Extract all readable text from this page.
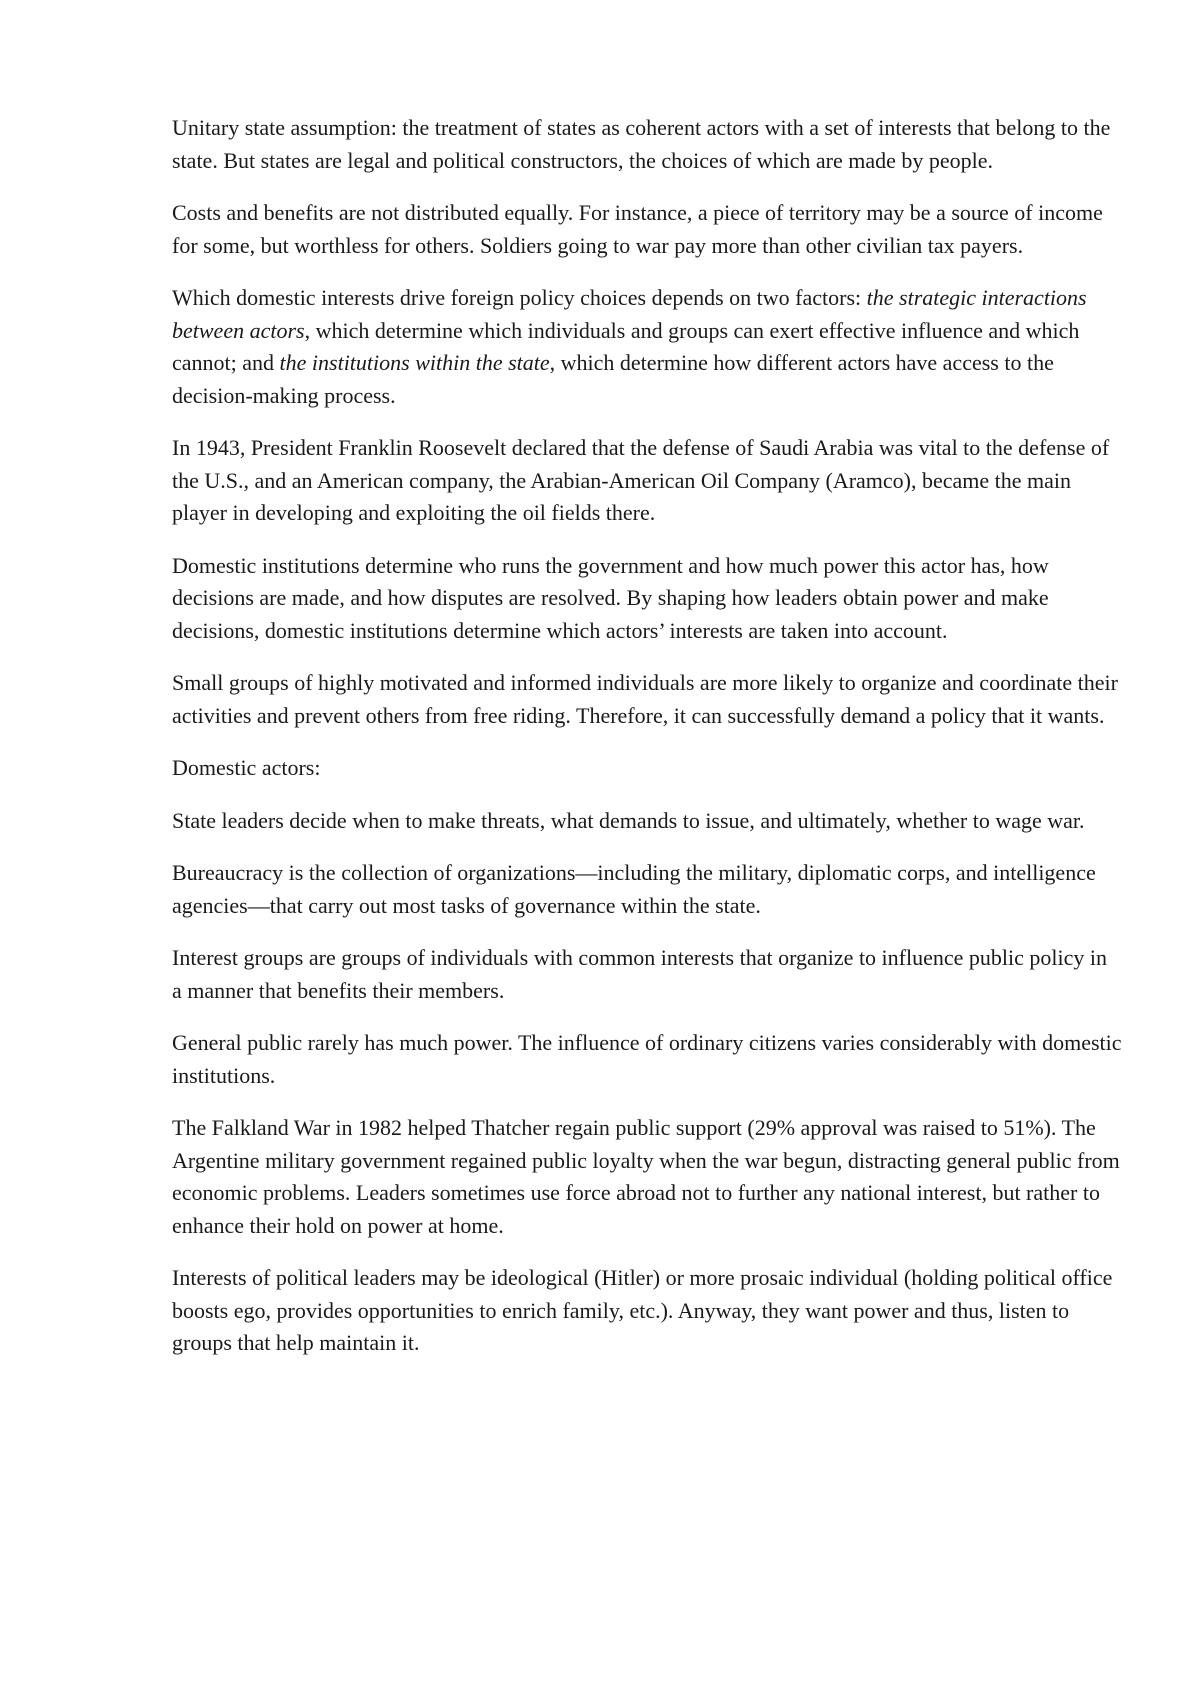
Unitary state assumption: the treatment of states as coherent actors with a set of interests that belong to the state. But states are legal and political constructors, the choices of which are made by people.

Costs and benefits are not distributed equally. For instance, a piece of territory may be a source of income for some, but worthless for others. Soldiers going to war pay more than other civilian tax payers.

Which domestic interests drive foreign policy choices depends on two factors: the strategic interactions between actors, which determine which individuals and groups can exert effective influence and which cannot; and the institutions within the state, which determine how different actors have access to the decision-making process.

In 1943, President Franklin Roosevelt declared that the defense of Saudi Arabia was vital to the defense of the U.S., and an American company, the Arabian-American Oil Company (Aramco), became the main player in developing and exploiting the oil fields there.

Domestic institutions determine who runs the government and how much power this actor has, how decisions are made, and how disputes are resolved. By shaping how leaders obtain power and make decisions, domestic institutions determine which actors’ interests are taken into account.

Small groups of highly motivated and informed individuals are more likely to organize and coordinate their activities and prevent others from free riding. Therefore, it can successfully demand a policy that it wants.

Domestic actors:

State leaders decide when to make threats, what demands to issue, and ultimately, whether to wage war.

Bureaucracy is the collection of organizations—including the military, diplomatic corps, and intelligence agencies—that carry out most tasks of governance within the state.

Interest groups are groups of individuals with common interests that organize to influence public policy in a manner that benefits their members.

General public rarely has much power. The influence of ordinary citizens varies considerably with domestic institutions.

The Falkland War in 1982 helped Thatcher regain public support (29% approval was raised to 51%). The Argentine military government regained public loyalty when the war begun, distracting general public from economic problems. Leaders sometimes use force abroad not to further any national interest, but rather to enhance their hold on power at home.

Interests of political leaders may be ideological (Hitler) or more prosaic individual (holding political office boosts ego, provides opportunities to enrich family, etc.). Anyway, they want power and thus, listen to groups that help maintain it.
